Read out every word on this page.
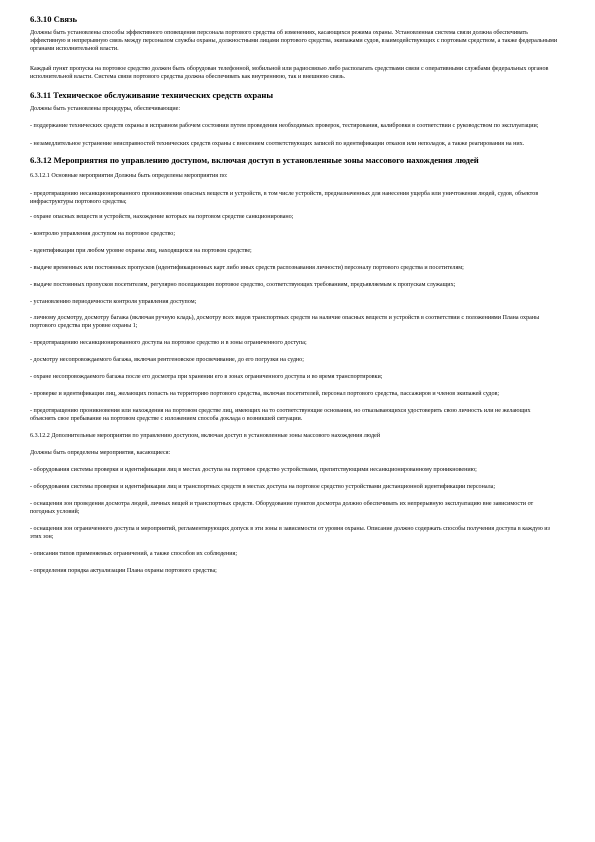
6.3.10 Связь

Должны быть установлены способы эффективного оповещения персонала портового средства об изменениях, касающихся режима охраны. Установленная система связи должна обеспечивать эффективную и непрерывную связь между персоналом службы охраны, должностными лицами портового средства, экипажами судов, взаимодействующих с портовым средством, а также федеральными органами исполнительной власти.

Каждый пункт пропуска на портовое средство должен быть оборудован телефонной, мобильной или радиосвязью либо располагать средствами связи с оперативными службами федеральных органов исполнительной власти. Система связи портового средства должна обеспечивать как внутреннюю, так и внешнюю связь.

6.3.11 Техническое обслуживание технических средств охраны

Должны быть установлены процедуры, обеспечивающие:

- поддержание технических средств охраны в исправном рабочем состоянии путем проведения необходимых проверок, тестирования, калибровки в соответствии с руководством по эксплуатации;

- незамедлительное устранение неисправностей технических средств охраны с внесением соответствующих записей по идентификации отказов или неполадок, а также реагирования на них.

6.3.12 Мероприятия по управлению доступом, включая доступ в установленные зоны массового нахождения людей

6.3.12.1 Основные мероприятия Должны быть определены мероприятия по:

- предотвращению несанкционированного проникновения опасных веществ и устройств, в том числе устройств, предназначенных для нанесения ущерба или уничтожения людей, судов, объектов инфраструктуры портового средства;

- охране опасных веществ и устройств, нахождение которых на портовом средстве санкционировано;

- контролю управления доступом на портовое средство;

- идентификации при любом уровне охраны лиц, находящихся на портовом средстве;

- выдаче временных или постоянных пропусков (идентификационных карт либо иных средств распознавания личности) персоналу портового средства и посетителям;

- выдаче постоянных пропусков посетителям, регулярно посещающим портовое средство, соответствующих требованиям, предъявляемым к пропускам служащих;

- установлению периодичности контроля управления доступом;

- личному досмотру, досмотру багажа (включая ручную кладь), досмотру всех видов транспортных средств на наличие опасных веществ и устройств в соответствии с положениями Плана охраны портового средства при уровне охраны 1;

- предотвращению несанкционированного доступа на портовое средство и в зоны ограниченного доступа;

- досмотру несопровождаемого багажа, включая рентгеновское просвечивание, до его погрузки на судно;

- охране несопровождаемого багажа после его досмотра при хранении его в зонах ограниченного доступа и во время транспортировки;

- проверке и идентификации лиц, желающих попасть на территорию портового средства, включая посетителей, персонал портового средства, пассажиров и членов экипажей судов;

- предотвращению проникновения или нахождения на портовом средстве лиц, имеющих на то соответствующие основания, но отказывающихся удостоверить свою личность или не желающих объяснять свое пребывание на портовом средстве с изложением способа доклада о возникшей ситуации.

6.3.12.2 Дополнительные мероприятия по управлению доступом, включая доступ в установленные зоны массового нахождения людей

Должны быть определены мероприятия, касающиеся:

- оборудования системы проверки и идентификации лиц в местах доступа на портовое средство устройствами, препятствующими несанкционированному проникновению;

- оборудования системы проверки и идентификации лиц и транспортных средств в местах доступа на портовое средство устройствами дистанционной идентификации персонала;

- оснащения зон проведения досмотра людей, личных вещей и транспортных средств. Оборудование пунктов досмотра должно обеспечивать их непрерывную эксплуатацию вне зависимости от погодных условий;

- оснащения зон ограниченного доступа и мероприятий, регламентирующих допуск в эти зоны в зависимости от уровня охраны. Описание должно содержать способы получения доступа в каждую из этих зон;

- описания типов применяемых ограничений, а также способов их соблюдения;

- определения порядка актуализации Плана охраны портового средства;
